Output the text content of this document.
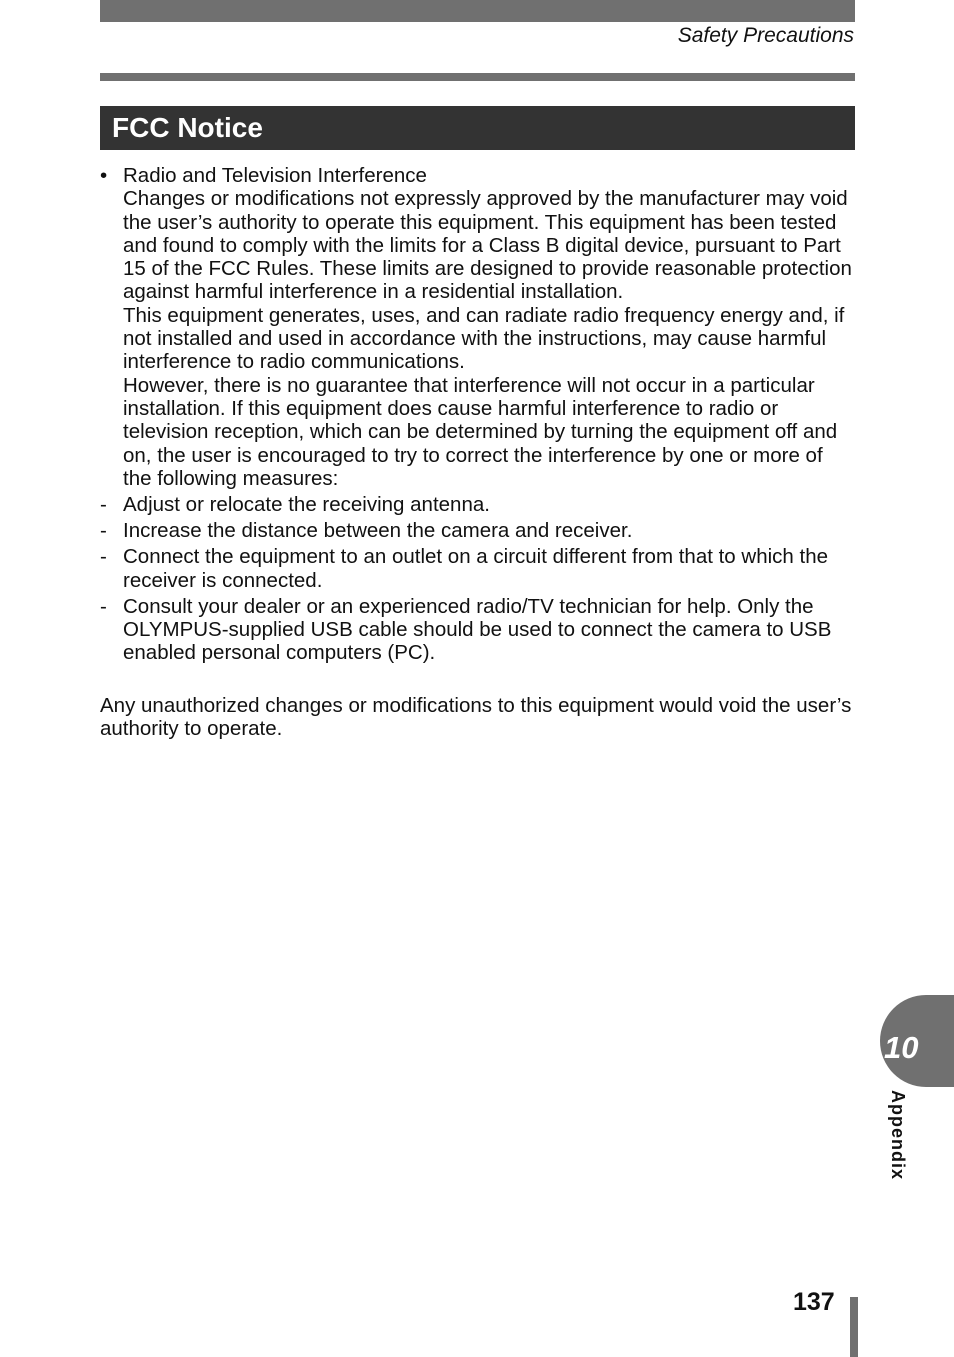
Safety Precautions
FCC Notice
• Radio and Television Interference

Changes or modifications not expressly approved by the manufacturer may void the user’s authority to operate this equipment. This equipment has been tested and found to comply with the limits for a Class B digital device, pursuant to Part 15 of the FCC Rules. These limits are designed to provide reasonable protection against harmful interference in a residential installation.

This equipment generates, uses, and can radiate radio frequency energy and, if not installed and used in accordance with the instructions, may cause harmful interference to radio communications.

However, there is no guarantee that interference will not occur in a particular installation. If this equipment does cause harmful interference to radio or television reception, which can be determined by turning the equipment off and on, the user is encouraged to try to correct the interference by one or more of the following measures:

- Adjust or relocate the receiving antenna.
- Increase the distance between the camera and receiver.
- Connect the equipment to an outlet on a circuit different from that to which the receiver is connected.
- Consult your dealer or an experienced radio/TV technician for help. Only the OLYMPUS-supplied USB cable should be used to connect the camera to USB enabled personal computers (PC).

Any unauthorized changes or modifications to this equipment would void the user’s authority to operate.

10
Appendix
137
